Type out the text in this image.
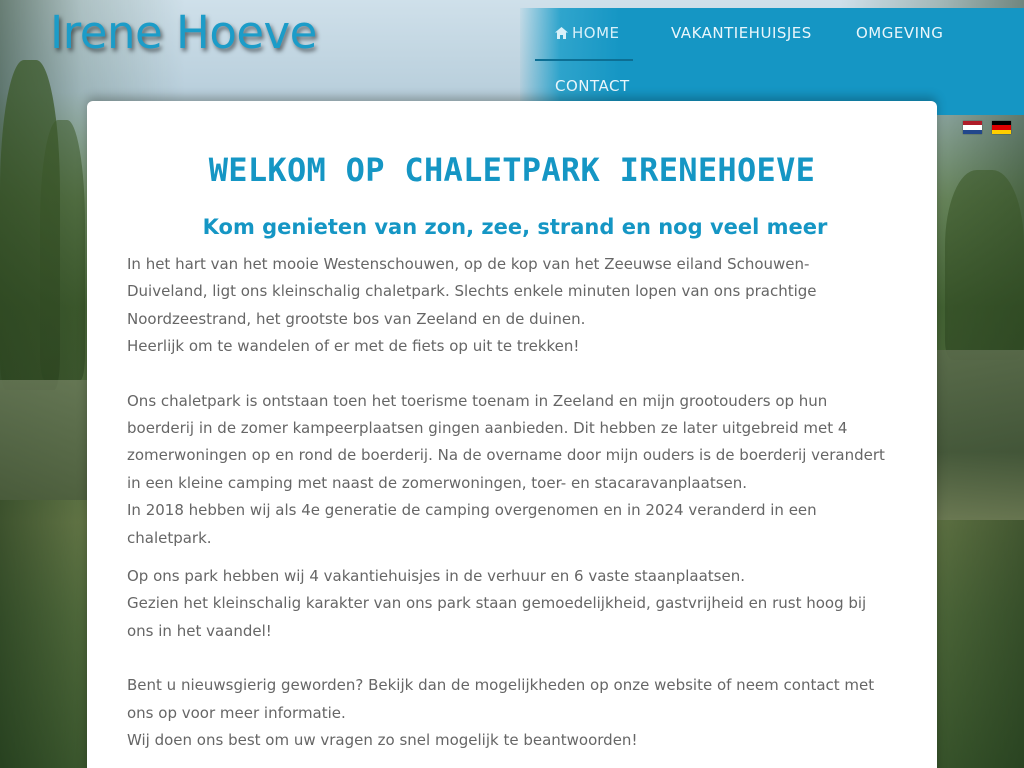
Irene Hoeve	HOME	VAKANTIEHUISJES	OMGEVING
CONTACT
WELKOM OP CHALETPARK IRENEHOEVE
Kom genieten van zon, zee, strand en nog veel meer

In het hart van het mooie Westenschouwen, op de kop van het Zeeuwse eiland Schouwen-
Duiveland, ligt ons kleinschalig chaletpark. Slechts enkele minuten lopen van ons prachtige
Noordzeestrand, het grootste bos van Zeeland en de duinen.
Heerlijk om te wandelen of er met de fiets op uit te trekken!

Ons chaletpark is ontstaan toen het toerisme toenam in Zeeland en mijn grootouders op hun
boerderij in de zomer kampeerplaatsen gingen aanbieden. Dit hebben ze later uitgebreid met 4
zomerwoningen op en rond de boerderij. Na de overname door mijn ouders is de boerderij verandert
in een kleine camping met naast de zomerwoningen, toer- en stacaravanplaatsen.
In 2018 hebben wij als 4e generatie de camping overgenomen en in 2024 veranderd in een
chaletpark.

Op ons park hebben wij 4 vakantiehuisjes in de verhuur en 6 vaste staanplaatsen.
Gezien het kleinschalig karakter van ons park staan gemoedelijkheid, gastvrijheid en rust hoog bij
ons in het vaandel!

Bent u nieuwsgierig geworden? Bekijk dan de mogelijkheden op onze website of neem contact met
ons op voor meer informatie.
Wij doen ons best om uw vragen zo snel mogelijk te beantwoorden!
